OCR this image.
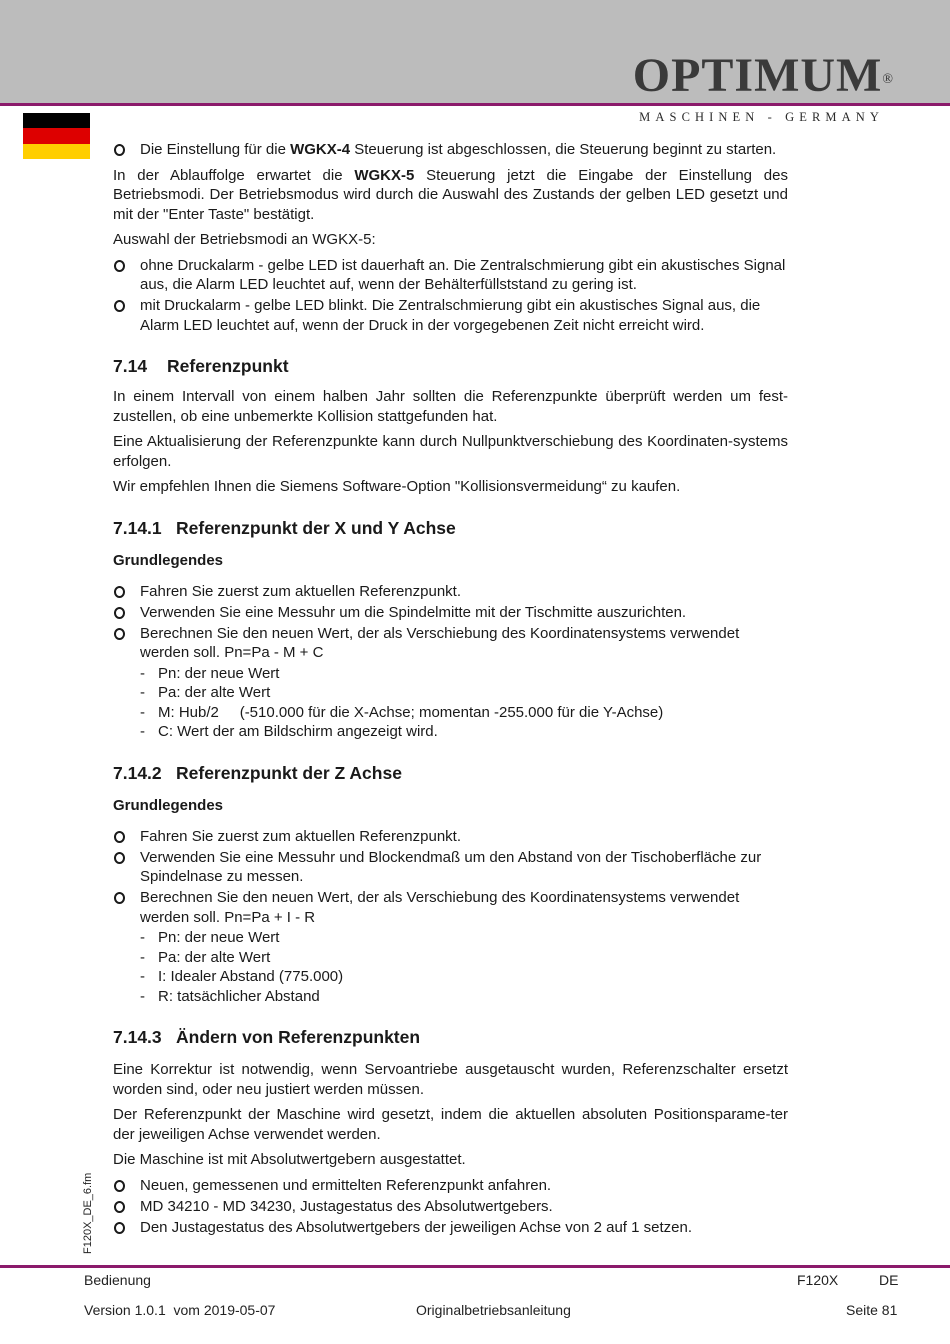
OPTIMUM®
MASCHINEN - GERMANY
F120X_DE_6.fm
Die Einstellung für die WGKX-4 Steuerung ist abgeschlossen, die Steuerung beginnt zu starten.

In der Ablauffolge erwartet die WGKX-5 Steuerung jetzt die Eingabe der Einstellung des Betriebsmodi. Der Betriebsmodus wird durch die Auswahl des Zustands der gelben LED gesetzt und mit der "Enter Taste" bestätigt.

Auswahl der Betriebsmodi an WGKX-5:

ohne Druckalarm - gelbe LED ist dauerhaft an. Die Zentralschmierung gibt ein akustisches Signal aus, die Alarm LED leuchtet auf, wenn der Behälterfüllststand zu gering ist.
mit Druckalarm - gelbe LED blinkt. Die Zentralschmierung gibt ein akustisches Signal aus, die Alarm LED leuchtet auf, wenn der Druck in der vorgegebenen Zeit nicht erreicht wird.
7.14 Referenzpunkt

In einem Intervall von einem halben Jahr sollten die Referenzpunkte überprüft werden um fest-zustellen, ob eine unbemerkte Kollision stattgefunden hat.

Eine Aktualisierung der Referenzpunkte kann durch Nullpunktverschiebung des Koordinaten-systems erfolgen.

Wir empfehlen Ihnen die Siemens Software-Option "Kollisionsvermeidung“ zu kaufen.

7.14.1 Referenzpunkt der X und Y Achse
Grundlegendes
Fahren Sie zuerst zum aktuellen Referenzpunkt.
Verwenden Sie eine Messuhr um die Spindelmitte mit der Tischmitte auszurichten.
Berechnen Sie den neuen Wert, der als Verschiebung des Koordinatensystems verwendet werden soll. Pn=Pa - M + C
- Pn: der neue Wert
- Pa: der alte Wert
- M: Hub/2     (-510.000 für die X-Achse; momentan -255.000 für die Y-Achse)
- C: Wert der am Bildschirm angezeigt wird.
7.14.2 Referenzpunkt der Z Achse
Grundlegendes
Fahren Sie zuerst zum aktuellen Referenzpunkt.
Verwenden Sie eine Messuhr und Blockendmaß um den Abstand von der Tischoberfläche zur Spindelnase zu messen.
Berechnen Sie den neuen Wert, der als Verschiebung des Koordinatensystems verwendet werden soll. Pn=Pa + I - R
- Pn: der neue Wert
- Pa: der alte Wert
- I: Idealer Abstand (775.000)
- R: tatsächlicher Abstand
7.14.3 Ändern von Referenzpunkten

Eine Korrektur ist notwendig, wenn Servoantriebe ausgetauscht wurden, Referenzschalter ersetzt worden sind, oder neu justiert werden müssen.

Der Referenzpunkt der Maschine wird gesetzt, indem die aktuellen absoluten Positionsparame-ter der jeweiligen Achse verwendet werden.

Die Maschine ist mit Absolutwertgebern ausgestattet.

Neuen, gemessenen und ermittelten Referenzpunkt anfahren.
MD 34210 - MD 34230, Justagestatus des Absolutwertgebers.
Den Justagestatus des Absolutwertgebers der jeweiligen Achse von 2 auf 1 setzen.
Bedienung	F120X	DE
Version 1.0.1  vom 2019-05-07	Originalbetriebsanleitung	Seite 81
